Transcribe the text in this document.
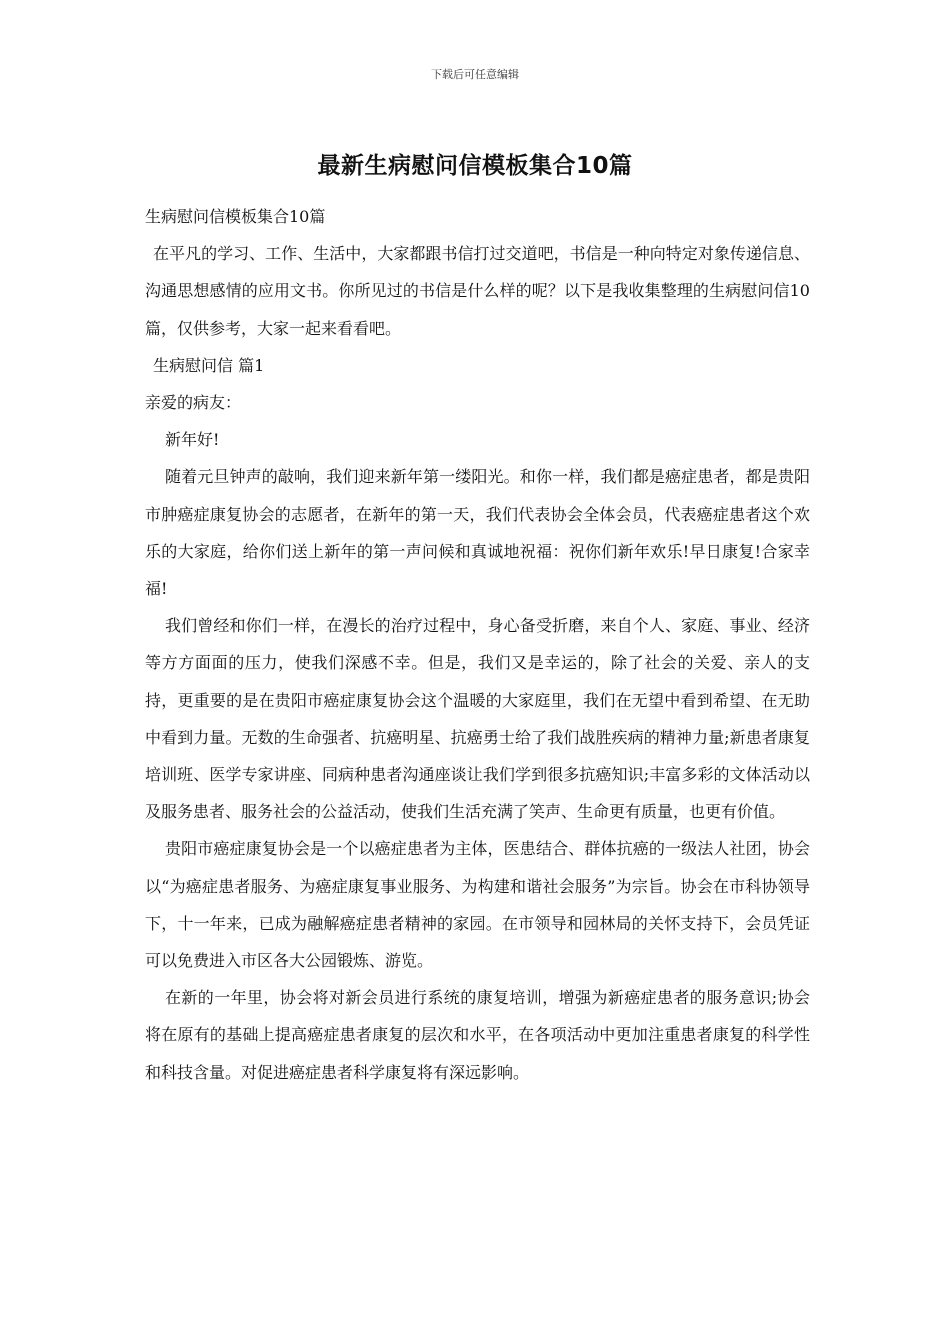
下载后可任意编辑
最新生病慰问信模板集合10篇

生病慰问信模板集合10篇

在平凡的学习、工作、生活中，大家都跟书信打过交道吧，书信是一种向特定对象传递信息、沟通思想感情的应用文书。你所见过的书信是什么样的呢？以下是我收集整理的生病慰问信10篇，仅供参考，大家一起来看看吧。

生病慰问信 篇1

亲爱的病友：

新年好!

随着元旦钟声的敲响，我们迎来新年第一缕阳光。和你一样，我们都是癌症患者，都是贵阳市肿癌症康复协会的志愿者，在新年的第一天，我们代表协会全体会员，代表癌症患者这个欢乐的大家庭，给你们送上新年的第一声问候和真诚地祝福：祝你们新年欢乐!早日康复!合家幸福!

我们曾经和你们一样，在漫长的治疗过程中，身心备受折磨，来自个人、家庭、事业、经济等方方面面的压力，使我们深感不幸。但是，我们又是幸运的，除了社会的关爱、亲人的支持，更重要的是在贵阳市癌症康复协会这个温暖的大家庭里，我们在无望中看到希望、在无助中看到力量。无数的生命强者、抗癌明星、抗癌勇士给了我们战胜疾病的精神力量;新患者康复培训班、医学专家讲座、同病种患者沟通座谈让我们学到很多抗癌知识;丰富多彩的文体活动以及服务患者、服务社会的公益活动，使我们生活充满了笑声、生命更有质量，也更有价值。

贵阳市癌症康复协会是一个以癌症患者为主体，医患结合、群体抗癌的一级法人社团，协会以“为癌症患者服务、为癌症康复事业服务、为构建和谐社会服务”为宗旨。协会在市科协领导下，十一年来，已成为融解癌症患者精神的家园。在市领导和园林局的关怀支持下，会员凭证可以免费进入市区各大公园锻炼、游览。

在新的一年里，协会将对新会员进行系统的康复培训，增强为新癌症患者的服务意识;协会将在原有的基础上提高癌症患者康复的层次和水平，在各项活动中更加注重患者康复的科学性和科技含量。对促进癌症患者科学康复将有深远影响。
